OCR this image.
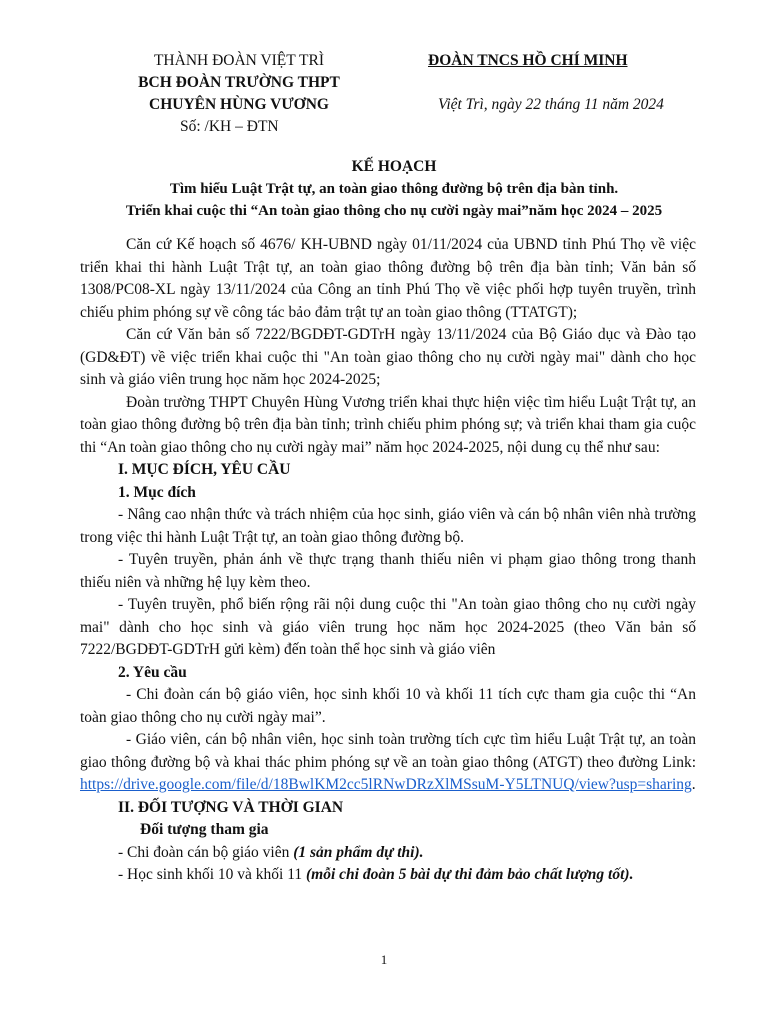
THÀNH ĐOÀN VIỆT TRÌ
BCH ĐOÀN TRƯỜNG THPT
CHUYÊN HÙNG VƯƠNG
Số: /KH – ĐTN
ĐOÀN TNCS HỒ CHÍ MINH
Việt Trì, ngày 22 tháng 11 năm 2024
KẾ HOẠCH
Tìm hiểu Luật Trật tự, an toàn giao thông đường bộ trên địa bàn tỉnh.
Triển khai cuộc thi “An toàn giao thông cho nụ cười ngày mai”năm học 2024 – 2025

Căn cứ Kế hoạch số 4676/ KH-UBND ngày 01/11/2024 của UBND tỉnh Phú Thọ về việc triển khai thi hành Luật Trật tự, an toàn giao thông đường bộ trên địa bàn tỉnh; Văn bản số 1308/PC08-XL ngày 13/11/2024 của Công an tỉnh Phú Thọ về việc phối hợp tuyên truyền, trình chiếu phim phóng sự về công tác bảo đảm trật tự an toàn giao thông (TTATGT);

Căn cứ Văn bản số 7222/BGDĐT-GDTrH ngày 13/11/2024 của Bộ Giáo dục và Đào tạo (GD&ĐT) về việc triển khai cuộc thi "An toàn giao thông cho nụ cười ngày mai" dành cho học sinh và giáo viên trung học năm học 2024-2025;

Đoàn trường THPT Chuyên Hùng Vương triển khai thực hiện việc tìm hiểu Luật Trật tự, an toàn giao thông đường bộ trên địa bàn tỉnh; trình chiếu phim phóng sự; và triển khai tham gia cuộc thi “An toàn giao thông cho nụ cười ngày mai” năm học 2024-2025, nội dung cụ thể như sau:

I. MỤC ĐÍCH, YÊU CẦU

1. Mục đích

- Nâng cao nhận thức và trách nhiệm của học sinh, giáo viên và cán bộ nhân viên nhà trường trong việc thi hành Luật Trật tự, an toàn giao thông đường bộ.

- Tuyên truyền, phản ánh về thực trạng thanh thiếu niên vi phạm giao thông trong thanh thiếu niên và những hệ lụy kèm theo.

- Tuyên truyền, phổ biến rộng rãi nội dung cuộc thi "An toàn giao thông cho nụ cười ngày mai" dành cho học sinh và giáo viên trung học năm học 2024-2025 (theo Văn bản số 7222/BGDĐT-GDTrH gửi kèm) đến toàn thể học sinh và giáo viên

2. Yêu cầu

- Chi đoàn cán bộ giáo viên, học sinh khối 10 và khối 11 tích cực tham gia cuộc thi “An toàn giao thông cho nụ cười ngày mai”.

- Giáo viên, cán bộ nhân viên, học sinh toàn trường tích cực tìm hiểu Luật Trật tự, an toàn giao thông đường bộ và khai thác phim phóng sự về an toàn giao thông (ATGT) theo đường Link: https://drive.google.com/file/d/18BwlKM2cc5lRNwDRzXlMSsuM-Y5LTNUQ/view?usp=sharing.

II. ĐỐI TƯỢNG VÀ THỜI GIAN

Đối tượng tham gia

- Chi đoàn cán bộ giáo viên (1 sản phẩm dự thi).

- Học sinh khối 10 và khối 11 (mỗi chi đoàn 5 bài dự thi đảm bảo chất lượng tốt).

1
